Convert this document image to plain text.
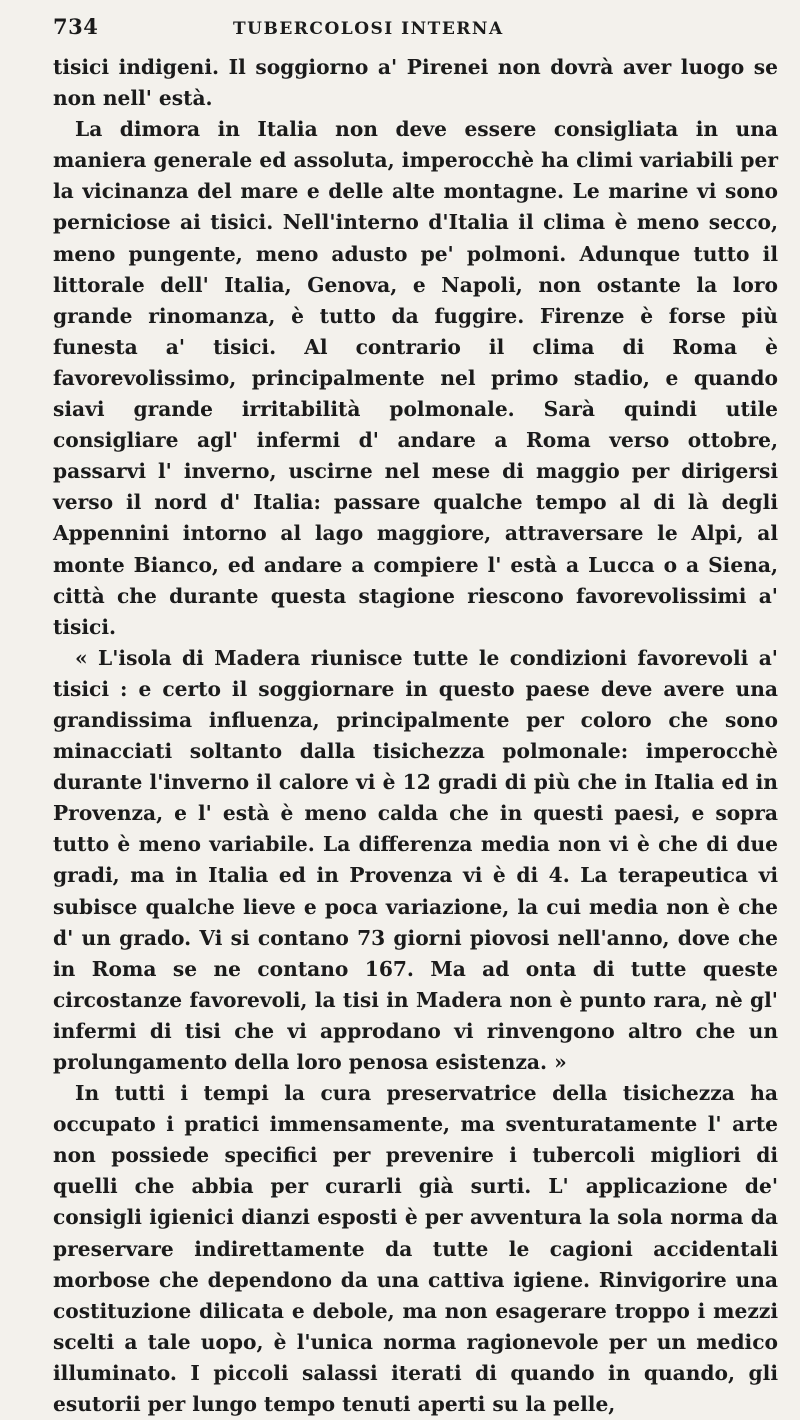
734	TUBERCOLOSI INTERNA

tisici indigeni. Il soggiorno a' Pirenei non dovrà aver luogo se non nell' està.

La dimora in Italia non deve essere consigliata in una maniera generale ed assoluta, imperocchè ha climi variabili per la vicinanza del mare e delle alte montagne. Le marine vi sono perniciose ai tisici. Nell'interno d'Italia il clima è meno secco, meno pungente, meno adusto pe' polmoni. Adunque tutto il littorale dell' Italia, Genova, e Napoli, non ostante la loro grande rinomanza, è tutto da fuggire. Firenze è forse più funesta a' tisici. Al contrario il clima di Roma è favorevolissimo, principalmente nel primo stadio, e quando siavi grande irritabilità polmonale. Sarà quindi utile consigliare agl' infermi d' andare a Roma verso ottobre, passarvi l' inverno, uscirne nel mese di maggio per dirigersi verso il nord d' Italia: passare qualche tempo al di là degli Appennini intorno al lago maggiore, attraversare le Alpi, al monte Bianco, ed andare a compiere l' està a Lucca o a Siena, città che durante questa stagione riescono favorevolissimi a' tisici.

« L'isola di Madera riunisce tutte le condizioni favorevoli a' tisici : e certo il soggiornare in questo paese deve avere una grandissima influenza, principalmente per coloro che sono minacciati soltanto dalla tisichezza polmonale: imperocchè durante l'inverno il calore vi è 12 gradi di più che in Italia ed in Provenza, e l' està è meno calda che in questi paesi, e sopra tutto è meno variabile. La differenza media non vi è che di due gradi, ma in Italia ed in Provenza vi è di 4. La terapeutica vi subisce qualche lieve e poca variazione, la cui media non è che d' un grado. Vi si contano 73 giorni piovosi nell'anno, dove che in Roma se ne contano 167. Ma ad onta di tutte queste circostanze favorevoli, la tisi in Madera non è punto rara, nè gl' infermi di tisi che vi approdano vi rinvengono altro che un prolungamento della loro penosa esistenza. »

In tutti i tempi la cura preservatrice della tisichezza ha occupato i pratici immensamente, ma sventuratamente l' arte non possiede specifici per prevenire i tubercoli migliori di quelli che abbia per curarli già surti. L' applicazione de' consigli igienici dianzi esposti è per avventura la sola norma da preservare indirettamente da tutte le cagioni accidentali morbose che dependono da una cattiva igiene. Rinvigorire una costituzione dilicata e debole, ma non esagerare troppo i mezzi scelti a tale uopo, è l'unica norma ragionevole per un medico illuminato. I piccoli salassi iterati di quando in quando, gli esutorii per lungo tempo tenuti aperti su la pelle,
